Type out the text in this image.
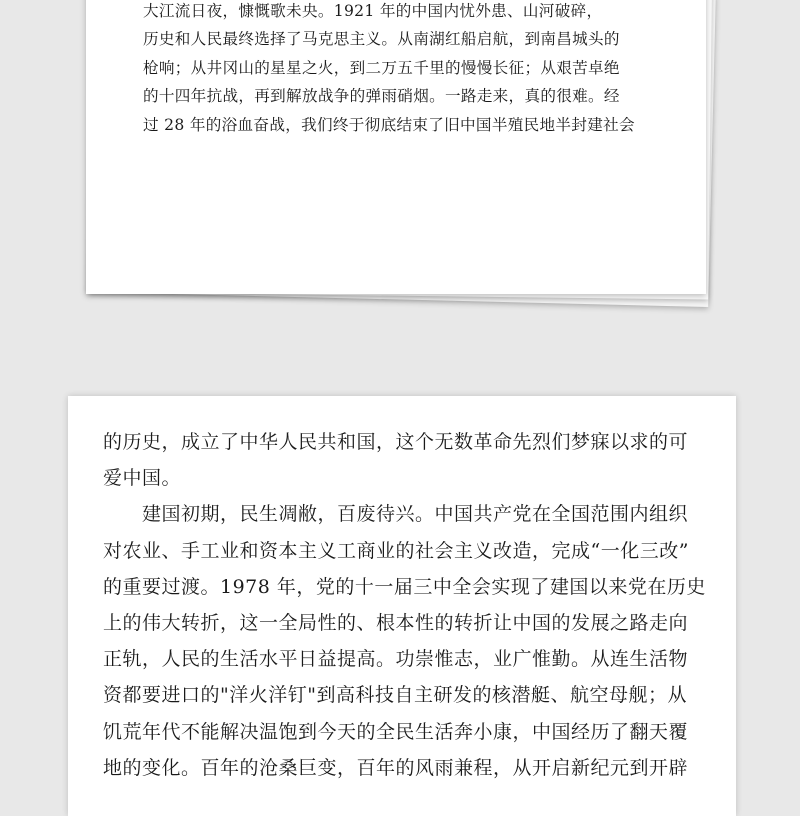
大江流日夜，慷慨歌未央。1921 年的中国内忧外患、山河破碎，
历史和人民最终选择了马克思主义。从南湖红船启航，到南昌城头的
枪响；从井冈山的星星之火，到二万五千里的慢慢长征；从艰苦卓绝
的十四年抗战，再到解放战争的弹雨硝烟。一路走来，真的很难。经
过 28 年的浴血奋战，我们终于彻底结束了旧中国半殖民地半封建社会
的历史，成立了中华人民共和国，这个无数革命先烈们梦寐以求的可
爱中国。
　　建国初期，民生凋敝，百废待兴。中国共产党在全国范围内组织
对农业、手工业和资本主义工商业的社会主义改造，完成“一化三改”
的重要过渡。1978 年，党的十一届三中全会实现了建国以来党在历史
上的伟大转折，这一全局性的、根本性的转折让中国的发展之路走向
正轨，人民的生活水平日益提高。功崇惟志，业广惟勤。从连生活物
资都要进口的"洋火洋钉"到高科技自主研发的核潜艇、航空母舰；从
饥荒年代不能解决温饱到今天的全民生活奔小康，中国经历了翻天覆
地的变化。百年的沧桑巨变，百年的风雨兼程，从开启新纪元到开辟
